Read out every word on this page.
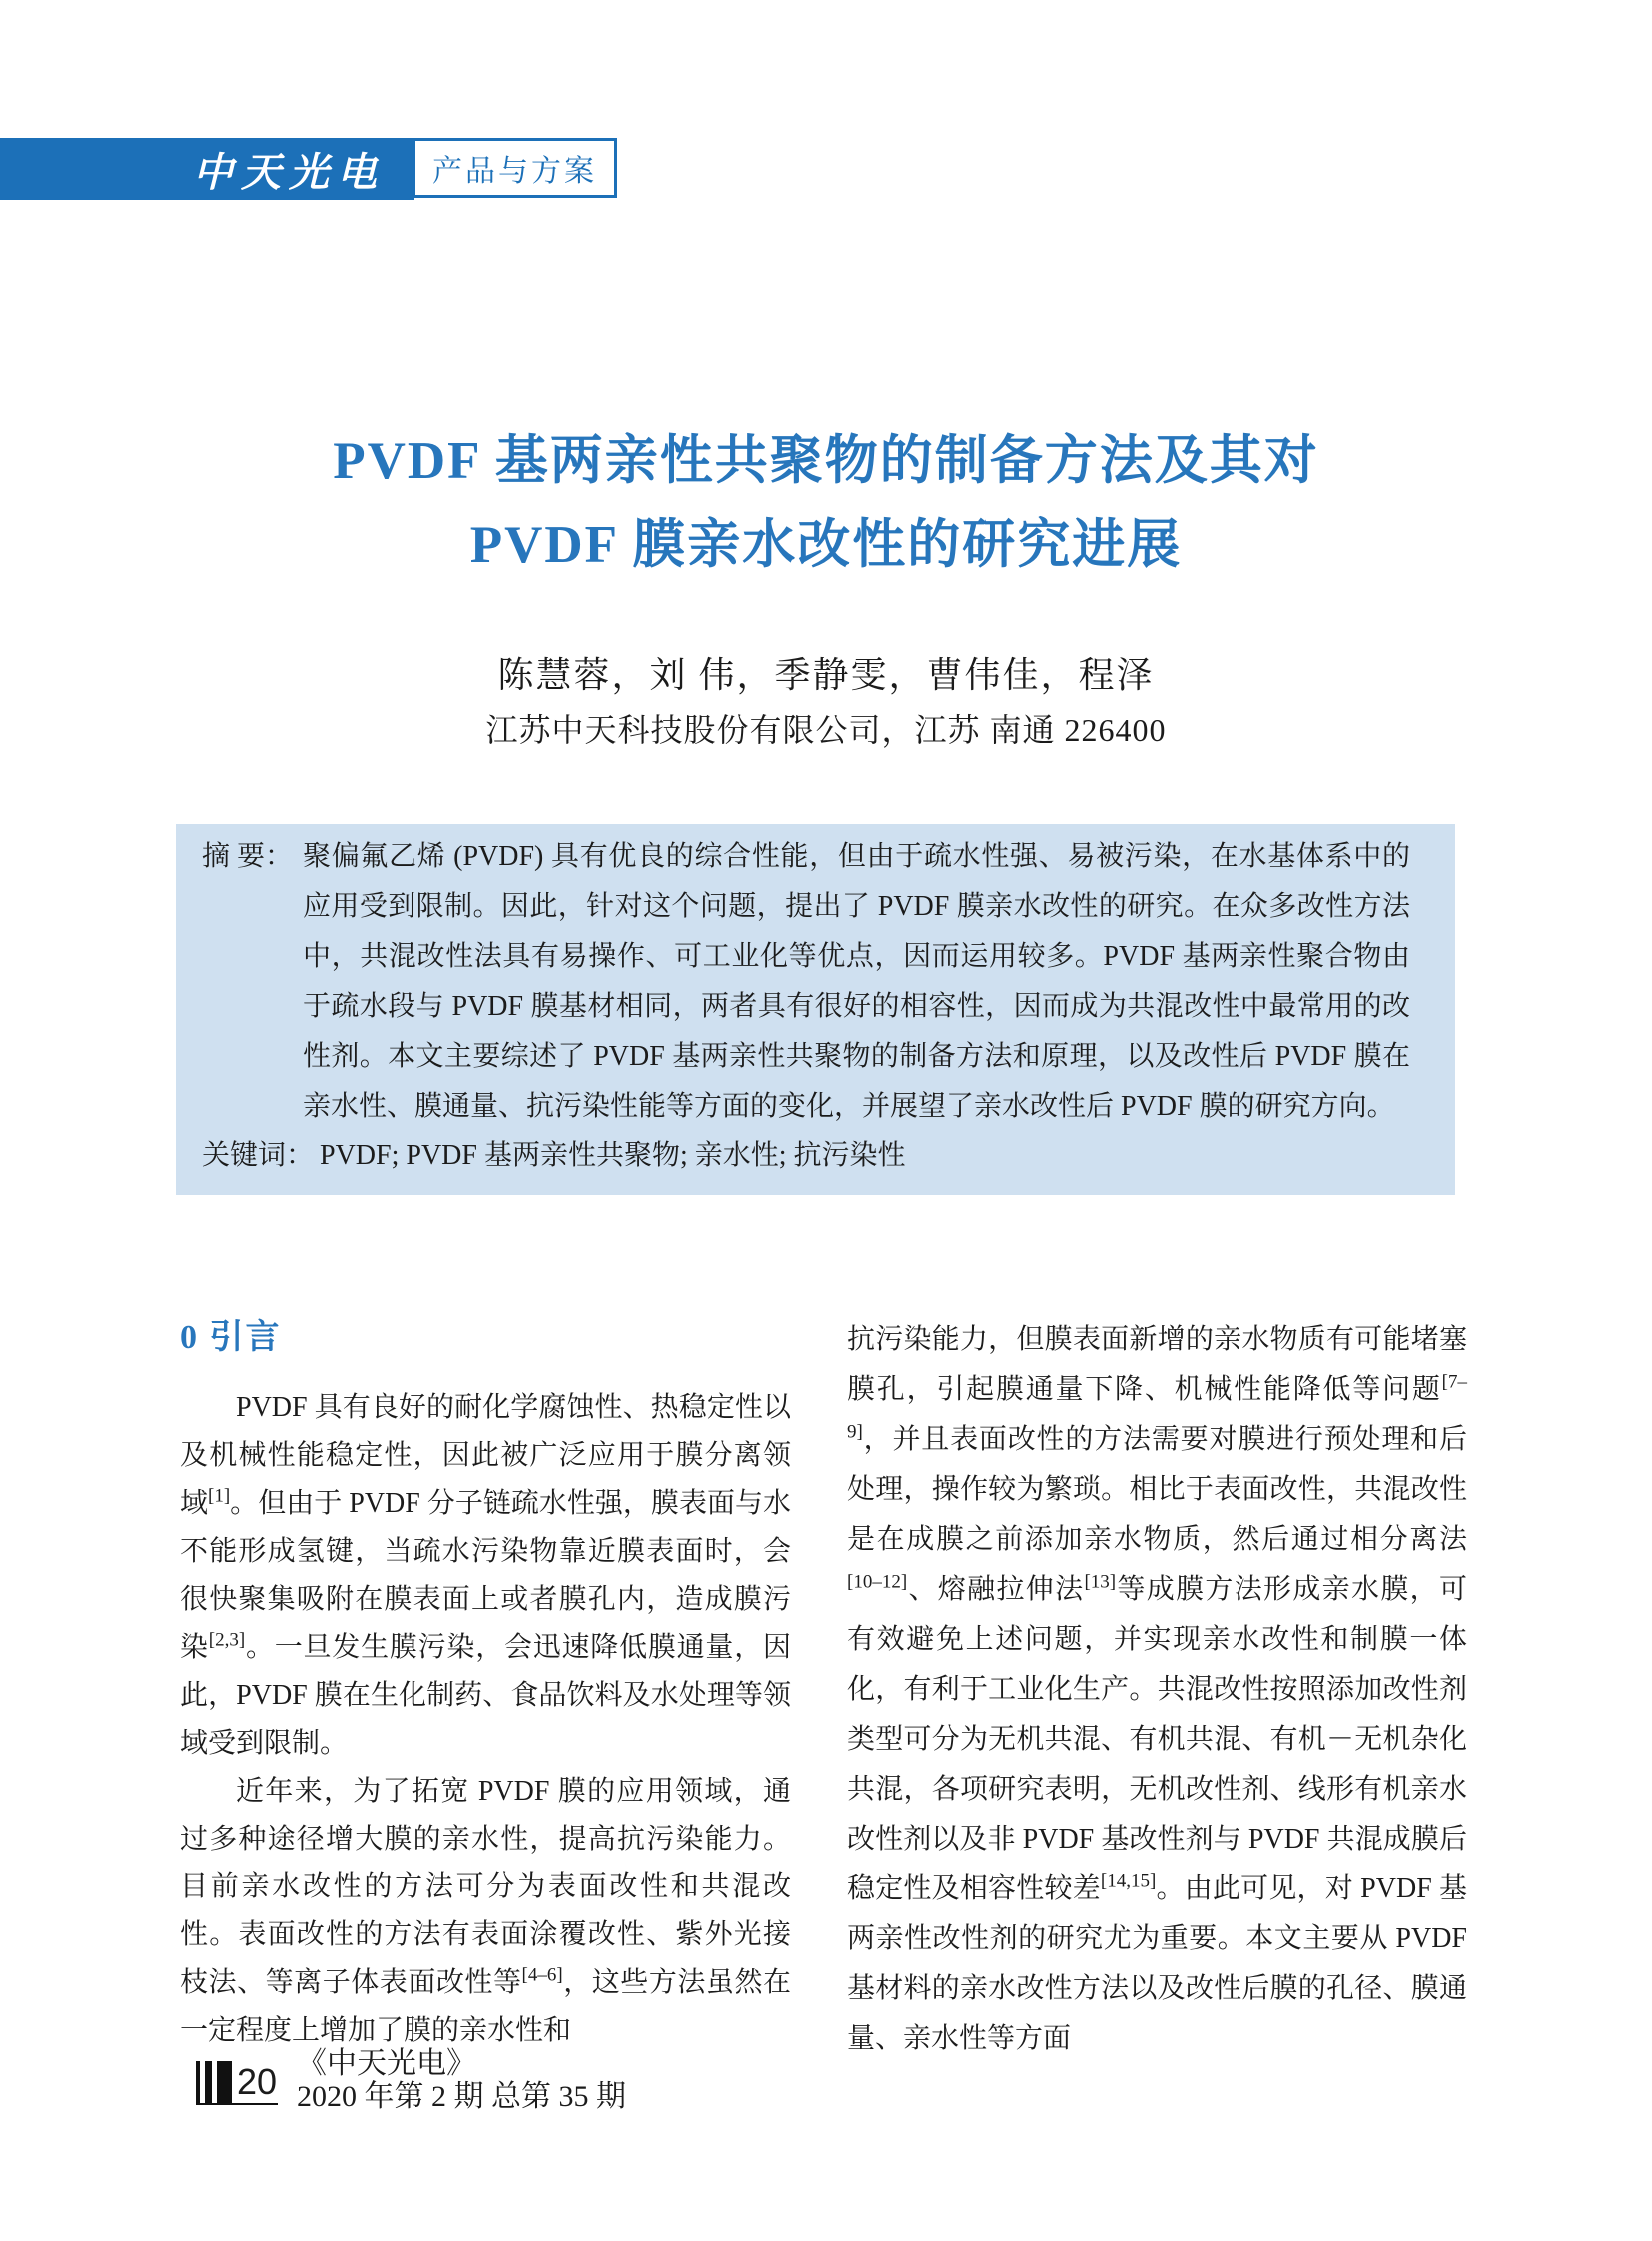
中天光电 产品与方案
PVDF 基两亲性共聚物的制备方法及其对
PVDF 膜亲水改性的研究进展
陈慧蓉，刘 伟，季静雯，曹伟佳，程泽
江苏中天科技股份有限公司，江苏 南通 226400
摘 要： 聚偏氟乙烯 (PVDF) 具有优良的综合性能，但由于疏水性强、易被污染，在水基体系中的应用受到限制。因此，针对这个问题，提出了 PVDF 膜亲水改性的研究。在众多改性方法中，共混改性法具有易操作、可工业化等优点，因而运用较多。PVDF 基两亲性聚合物由于疏水段与 PVDF 膜基材相同，两者具有很好的相容性，因而成为共混改性中最常用的改性剂。本文主要综述了 PVDF 基两亲性共聚物的制备方法和原理，以及改性后 PVDF 膜在亲水性、膜通量、抗污染性能等方面的变化，并展望了亲水改性后 PVDF 膜的研究方向。
关键词： PVDF; PVDF 基两亲性共聚物; 亲水性; 抗污染性
0 引言

PVDF 具有良好的耐化学腐蚀性、热稳定性以及机械性能稳定性，因此被广泛应用于膜分离领域[1]。但由于 PVDF 分子链疏水性强，膜表面与水不能形成氢键，当疏水污染物靠近膜表面时，会很快聚集吸附在膜表面上或者膜孔内，造成膜污染[2,3]。一旦发生膜污染，会迅速降低膜通量，因此，PVDF 膜在生化制药、食品饮料及水处理等领域受到限制。

近年来，为了拓宽 PVDF 膜的应用领域，通过多种途径增大膜的亲水性，提高抗污染能力。目前亲水改性的方法可分为表面改性和共混改性。表面改性的方法有表面涂覆改性、紫外光接枝法、等离子体表面改性等[4–6]，这些方法虽然在一定程度上增加了膜的亲水性和

抗污染能力，但膜表面新增的亲水物质有可能堵塞膜孔，引起膜通量下降、机械性能降低等问题[7–9]，并且表面改性的方法需要对膜进行预处理和后处理，操作较为繁琐。相比于表面改性，共混改性是在成膜之前添加亲水物质，然后通过相分离法[10–12]、熔融拉伸法[13]等成膜方法形成亲水膜，可有效避免上述问题，并实现亲水改性和制膜一体化，有利于工业化生产。共混改性按照添加改性剂类型可分为无机共混、有机共混、有机－无机杂化共混，各项研究表明，无机改性剂、线形有机亲水改性剂以及非 PVDF 基改性剂与 PVDF 共混成膜后稳定性及相容性较差[14,15]。由此可见，对 PVDF 基两亲性改性剂的研究尤为重要。本文主要从 PVDF 基材料的亲水改性方法以及改性后膜的孔径、膜通量、亲水性等方面

20 《中天光电》
2020 年第 2 期 总第 35 期
